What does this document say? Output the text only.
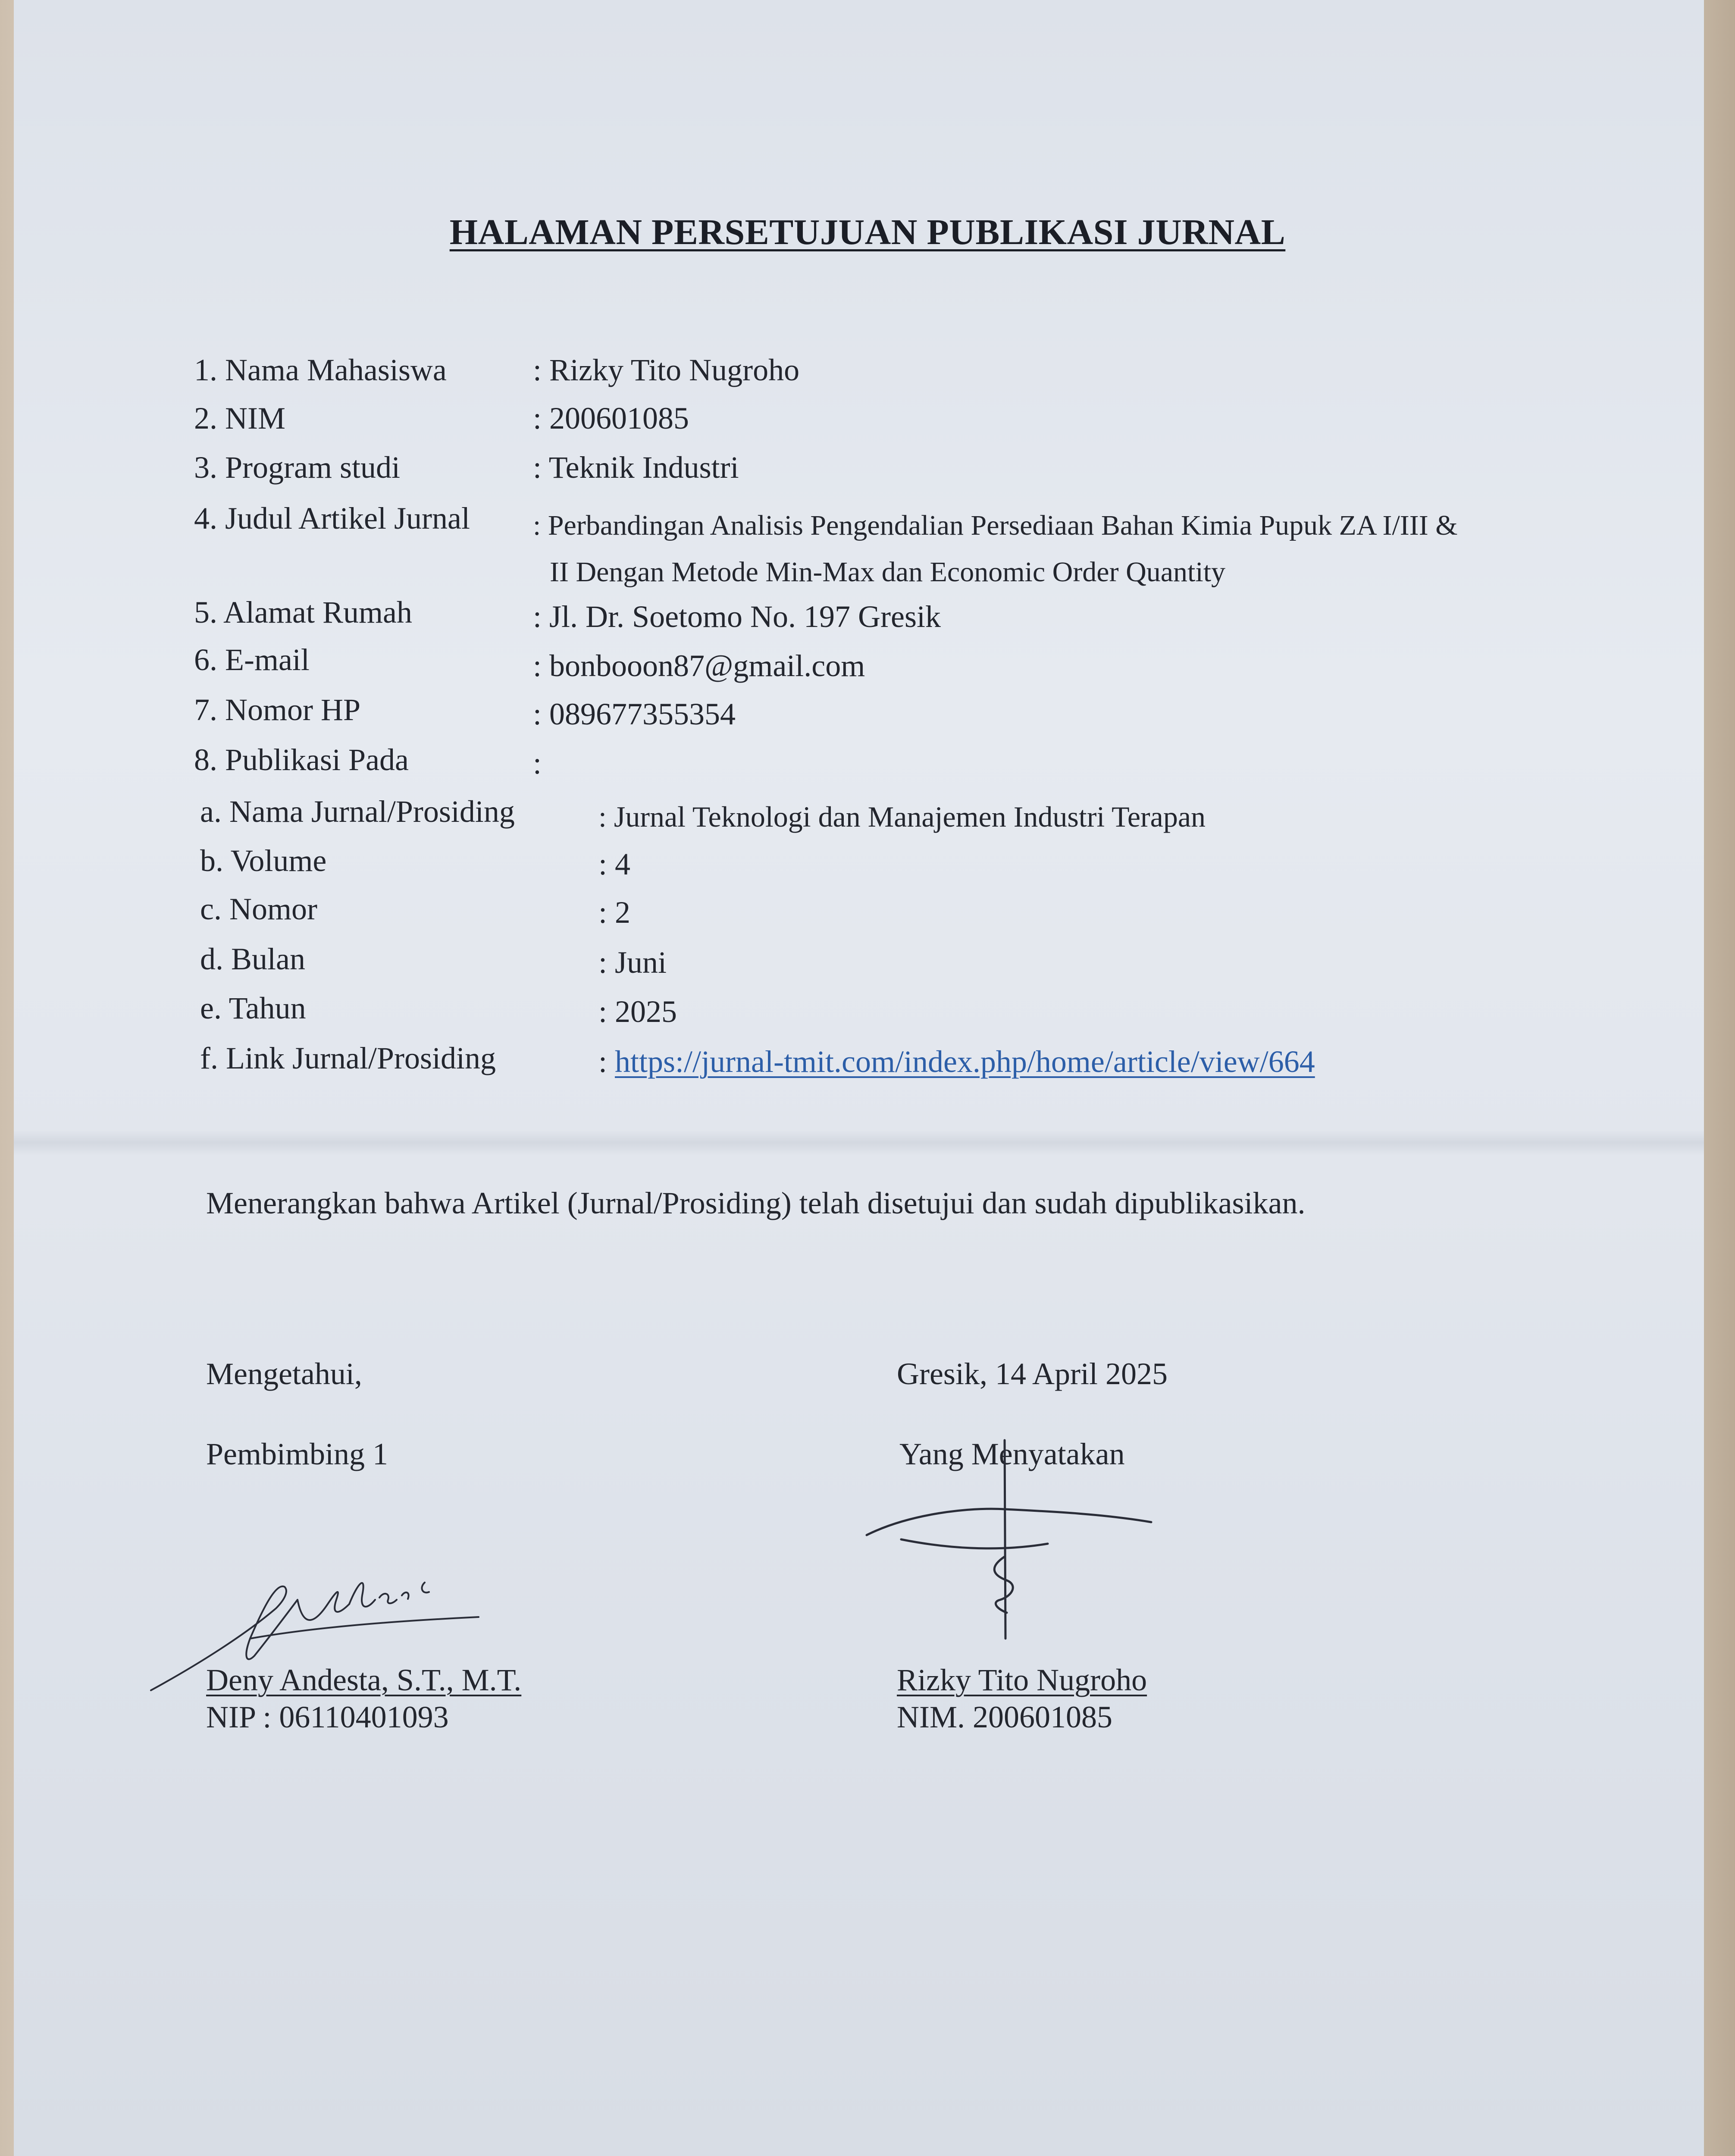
HALAMAN PERSETUJUAN PUBLIKASI JURNAL
1. Nama Mahasiswa	: Rizky Tito Nugroho
2. NIM	: 200601085
3. Program studi	: Teknik Industri
4. Judul Artikel Jurnal : Perbandingan Analisis Pengendalian Persediaan Bahan Kimia Pupuk ZA I/III &
II Dengan Metode Min-Max dan Economic Order Quantity
5. Alamat Rumah	: Jl. Dr. Soetomo No. 197 Gresik
6. E-mail	: bonbooon87@gmail.com
7. Nomor HP	: 089677355354
8. Publikasi Pada	:
a. Nama Jurnal/Prosiding	: Jurnal Teknologi dan Manajemen Industri Terapan
b. Volume	: 4
c. Nomor	: 2
d. Bulan	: Juni
e. Tahun	: 2025
f. Link Jurnal/Prosiding	: https://jurnal-tmit.com/index.php/home/article/view/664
Menerangkan bahwa Artikel (Jurnal/Prosiding) telah disetujui dan sudah dipublikasikan.
Mengetahui,
Pembimbing 1
Deny Andesta, S.T., M.T.
NIP : 06110401093
Gresik, 14 April 2025
Yang Menyatakan
Rizky Tito Nugroho
NIM. 200601085
